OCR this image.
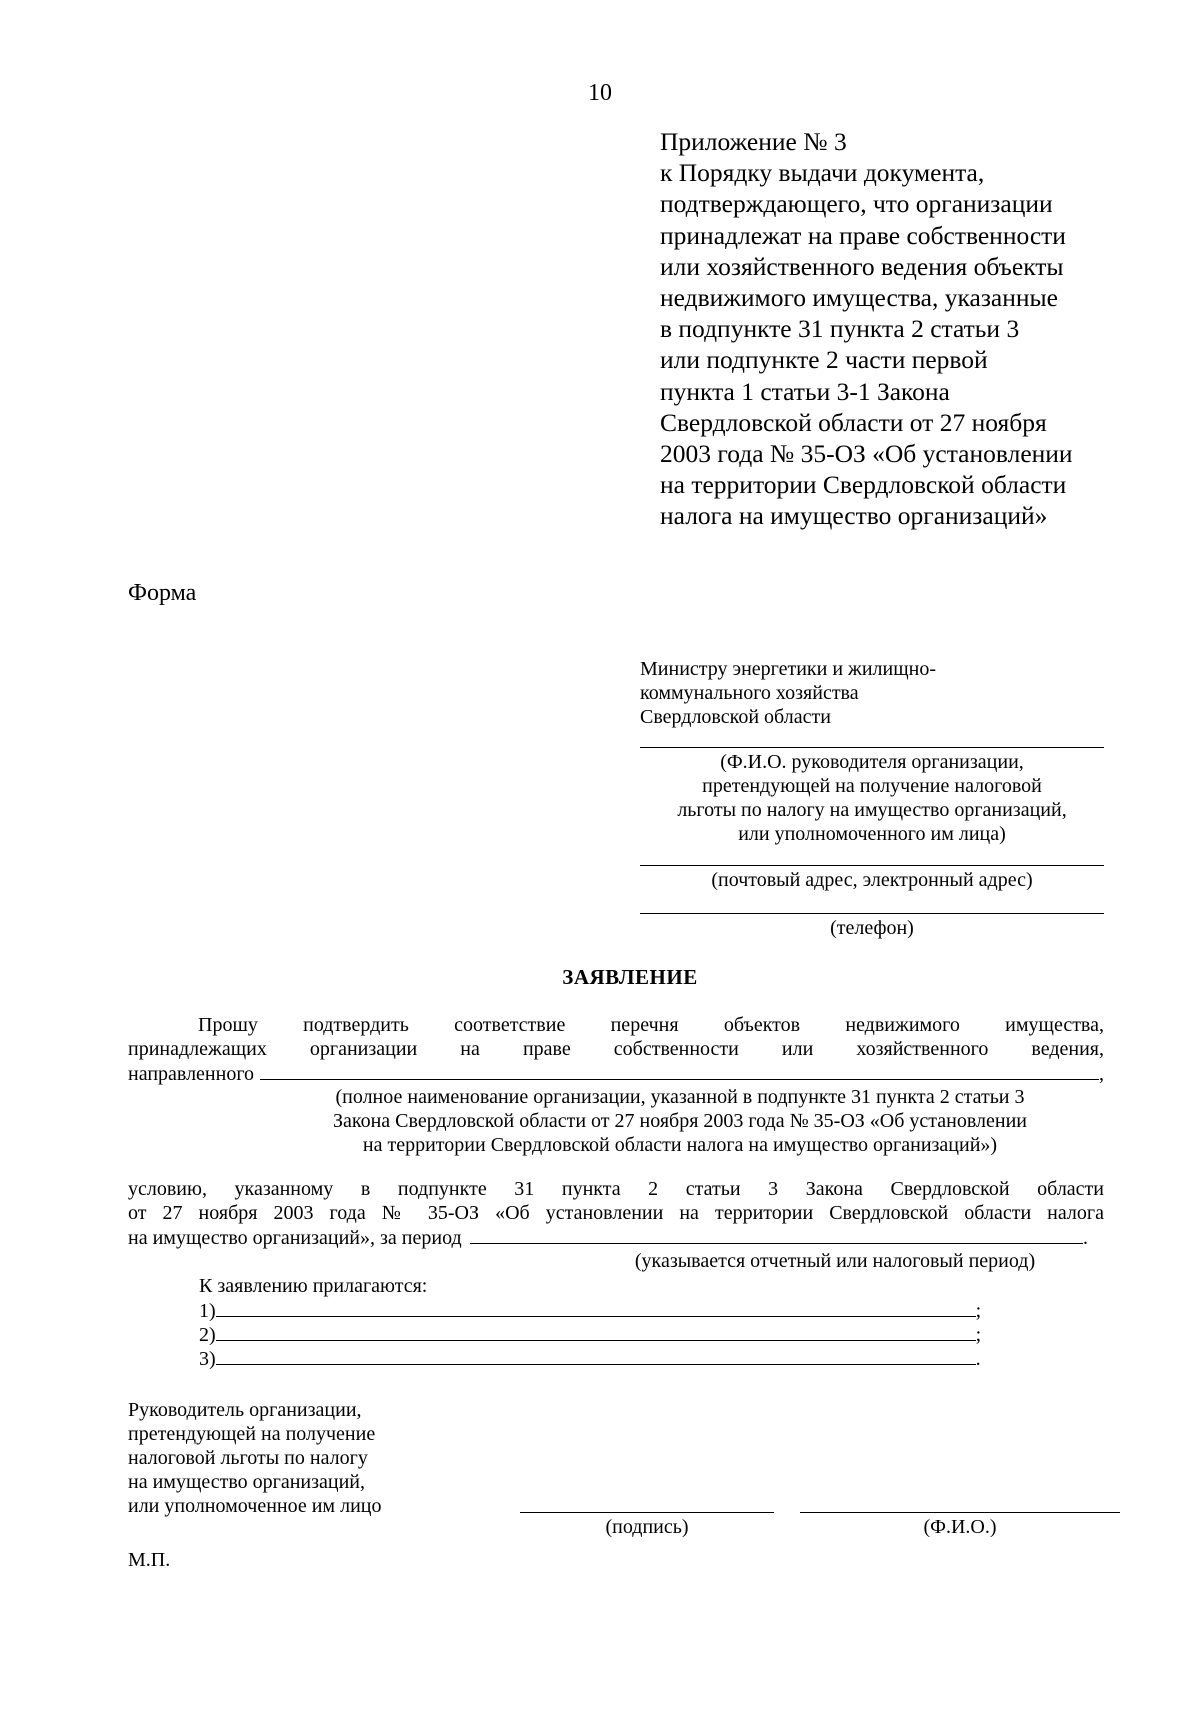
10
Приложение № 3
к Порядку выдачи документа,
подтверждающего, что организации
принадлежат на праве собственности
или хозяйственного ведения объекты
недвижимого имущества, указанные
в подпункте 31 пункта 2 статьи 3
или подпункте 2 части первой
пункта 1 статьи 3-1 Закона
Свердловской области от 27 ноября
2003 года № 35-ОЗ «Об установлении
на территории Свердловской области
налога на имущество организаций»
Форма
Министру энергетики и жилищно-
коммунального хозяйства
Свердловской области
(Ф.И.О. руководителя организации,
претендующей на получение налоговой
льготы по налогу на имущество организаций,
или уполномоченного им лица)
(почтовый адрес, электронный адрес)
(телефон)
ЗАЯВЛЕНИЕ
Прошу подтвердить соответствие перечня объектов недвижимого имущества,
принадлежащих организации на праве собственности или хозяйственного ведения,
направленного	,
(полное наименование организации, указанной в подпункте 31 пункта 2 статьи 3
Закона Свердловской области от 27 ноября 2003 года № 35-ОЗ «Об установлении
на территории Свердловской области налога на имущество организаций»)
условию, указанному в подпункте 31 пункта 2 статьи 3 Закона Свердловской области
от 27 ноября 2003 года № 35-ОЗ «Об установлении на территории Свердловской области налога
на имущество организаций», за период	.
(указывается отчетный или налоговый период)
К заявлению прилагаются:
1)	;
2)	;
3)	.
Руководитель организации,
претендующей на получение
налоговой льготы по налогу
на имущество организаций,
или уполномоченное им лицо
(подпись)	(Ф.И.О.)
М.П.
